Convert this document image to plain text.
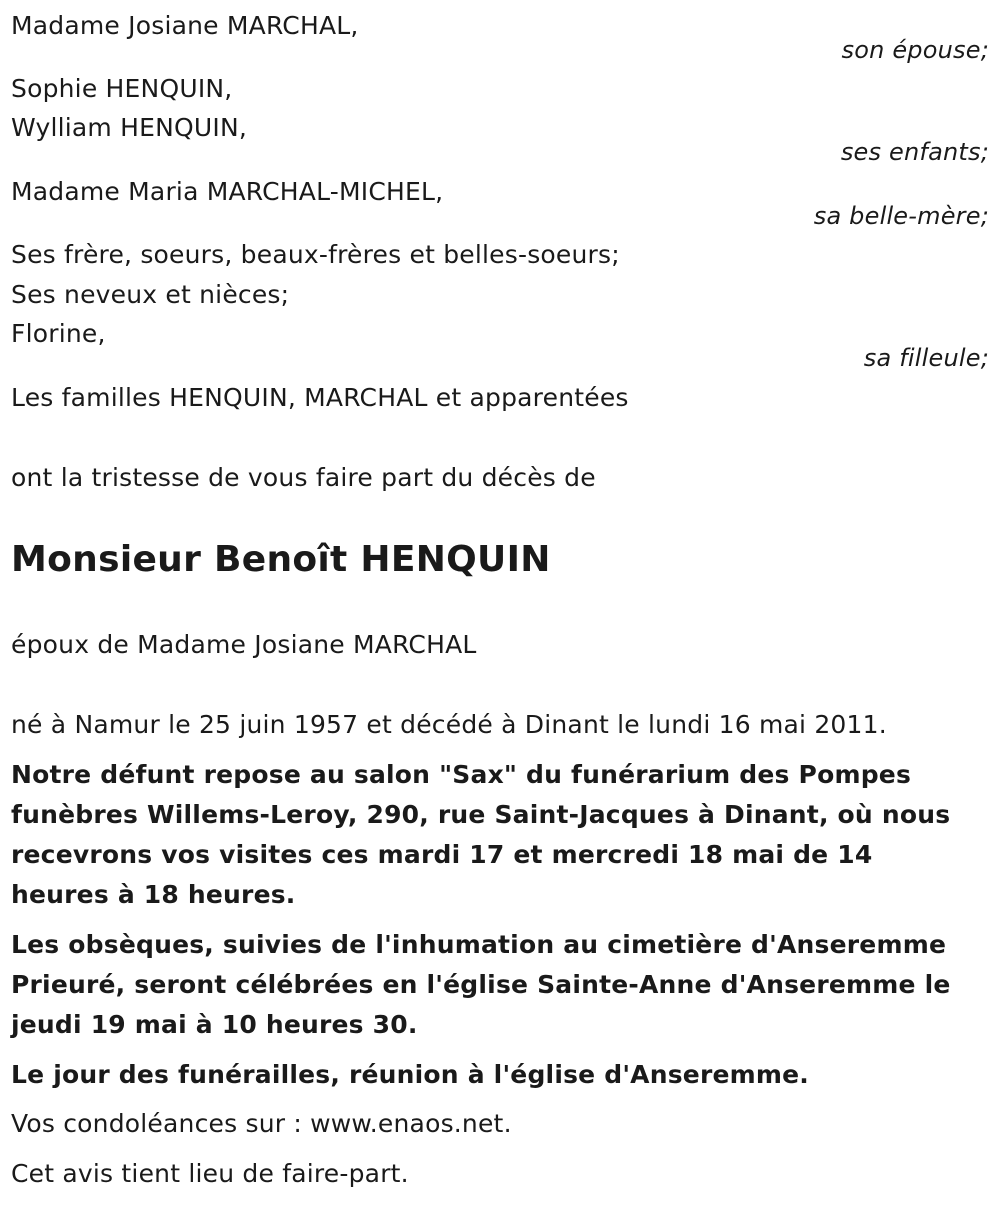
Madame Josiane MARCHAL,

son épouse;

Sophie HENQUIN,

Wylliam HENQUIN,

ses enfants;

Madame Maria MARCHAL-MICHEL,

sa belle-mère;

Ses frère, soeurs, beaux-frères et belles-soeurs;

Ses neveux et nièces;

Florine,

sa filleule;

Les familles HENQUIN, MARCHAL et apparentées

ont la tristesse de vous faire part du décès de

Monsieur Benoît HENQUIN

époux de Madame Josiane MARCHAL

né à Namur le 25 juin 1957 et décédé à Dinant le lundi 16 mai 2011.

Notre défunt repose au salon "Sax" du funérarium des Pompes funèbres Willems-Leroy, 290, rue Saint-Jacques à Dinant, où nous recevrons vos visites ces mardi 17 et mercredi 18 mai de 14 heures à 18 heures.

Les obsèques, suivies de l'inhumation au cimetière d'Anseremme Prieuré, seront célébrées en l'église Sainte-Anne d'Anseremme le jeudi 19 mai à 10 heures 30.

Le jour des funérailles, réunion à l'église d'Anseremme.

Vos condoléances sur : www.enaos.net.

Cet avis tient lieu de faire-part.
